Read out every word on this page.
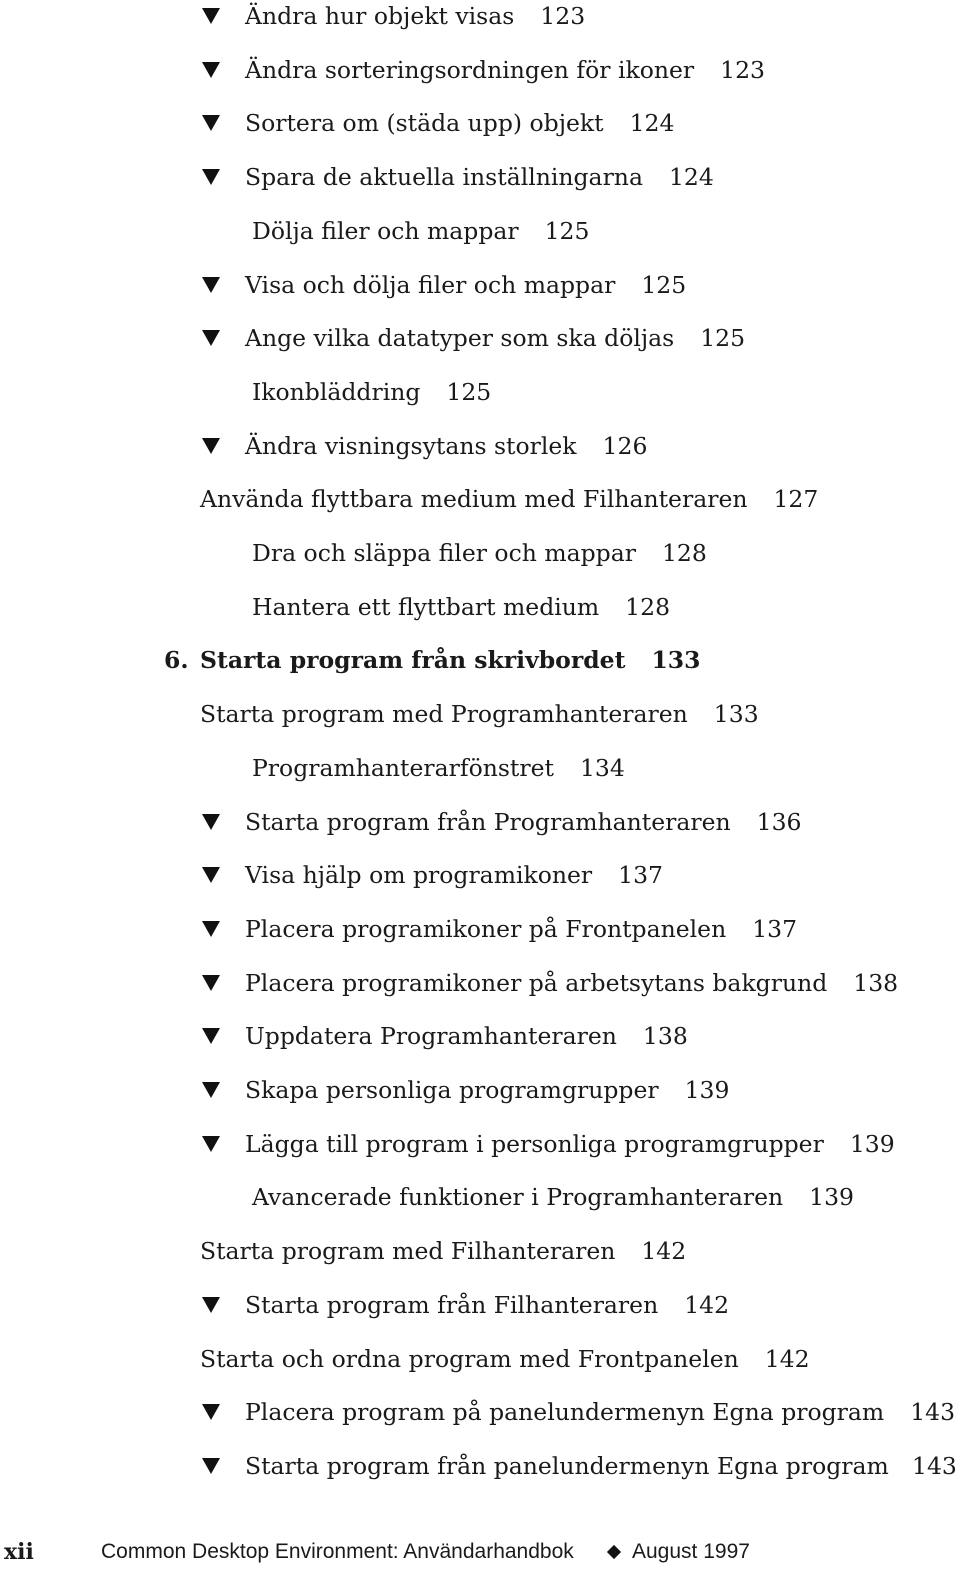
Ändra hur objekt visas 123
Ändra sorteringsordningen för ikoner 123
Sortera om (städa upp) objekt 124
Spara de aktuella inställningarna 124
Dölja filer och mappar 125
Visa och dölja filer och mappar 125
Ange vilka datatyper som ska döljas 125
Ikonbläddring 125
Ändra visningsytans storlek 126
Använda flyttbara medium med Filhanteraren 127
Dra och släppa filer och mappar 128
Hantera ett flyttbart medium 128
6. Starta program från skrivbordet 133
Starta program med Programhanteraren 133
Programhanterarfönstret 134
Starta program från Programhanteraren 136
Visa hjälp om programikoner 137
Placera programikoner på Frontpanelen 137
Placera programikoner på arbetsytans bakgrund 138
Uppdatera Programhanteraren 138
Skapa personliga programgrupper 139
Lägga till program i personliga programgrupper 139
Avancerade funktioner i Programhanteraren 139
Starta program med Filhanteraren 142
Starta program från Filhanteraren 142
Starta och ordna program med Frontpanelen 142
Placera program på panelundermenyn Egna program 143
Starta program från panelundermenyn Egna program 143
xii	Common Desktop Environment: Användarhandbok	August 1997
